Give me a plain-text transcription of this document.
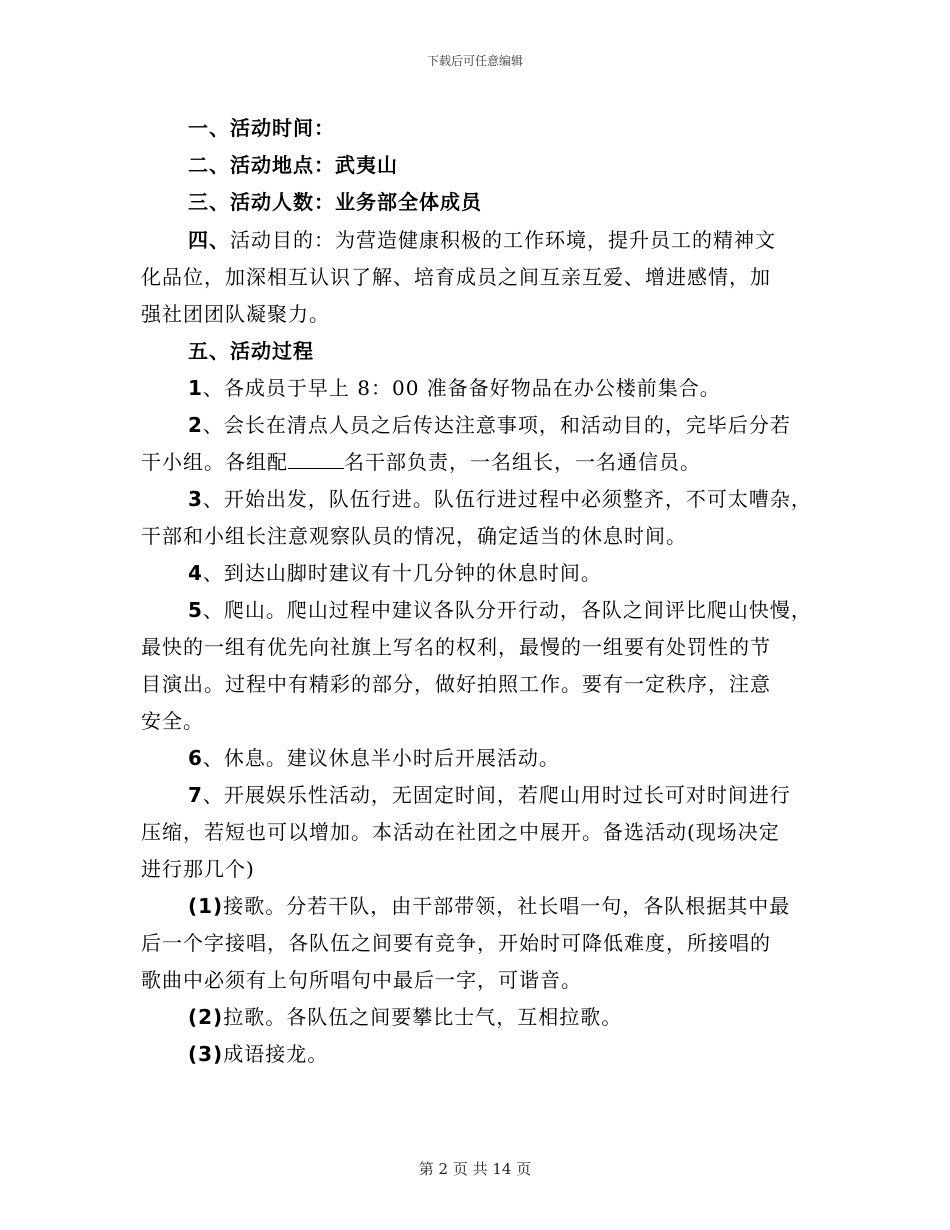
下载后可任意编辑
一、活动时间：
二、活动地点：武夷山
三、活动人数：业务部全体成员
四、活动目的：为营造健康积极的工作环境，提升员工的精神文
化品位，加深相互认识了解、培育成员之间互亲互爱、增进感情，加
强社团团队凝聚力。
五、活动过程
1、各成员于早上 8：00 准备备好物品在办公楼前集合。
2、会长在清点人员之后传达注意事项，和活动目的，完毕后分若
干小组。各组配	名干部负责，一名组长，一名通信员。
3、开始出发，队伍行进。队伍行进过程中必须整齐，不可太嘈杂，
干部和小组长注意观察队员的情况，确定适当的休息时间。
4、到达山脚时建议有十几分钟的休息时间。
5、爬山。爬山过程中建议各队分开行动，各队之间评比爬山快慢，
最快的一组有优先向社旗上写名的权利，最慢的一组要有处罚性的节
目演出。过程中有精彩的部分，做好拍照工作。要有一定秩序，注意
安全。
6、休息。建议休息半小时后开展活动。
7、开展娱乐性活动，无固定时间，若爬山用时过长可对时间进行
压缩，若短也可以增加。本活动在社团之中展开。备选活动(现场决定
进行那几个)
(1)接歌。分若干队，由干部带领，社长唱一句，各队根据其中最
后一个字接唱，各队伍之间要有竞争，开始时可降低难度，所接唱的
歌曲中必须有上句所唱句中最后一字，可谐音。
(2)拉歌。各队伍之间要攀比士气，互相拉歌。
(3)成语接龙。
第 2 页 共 14 页
